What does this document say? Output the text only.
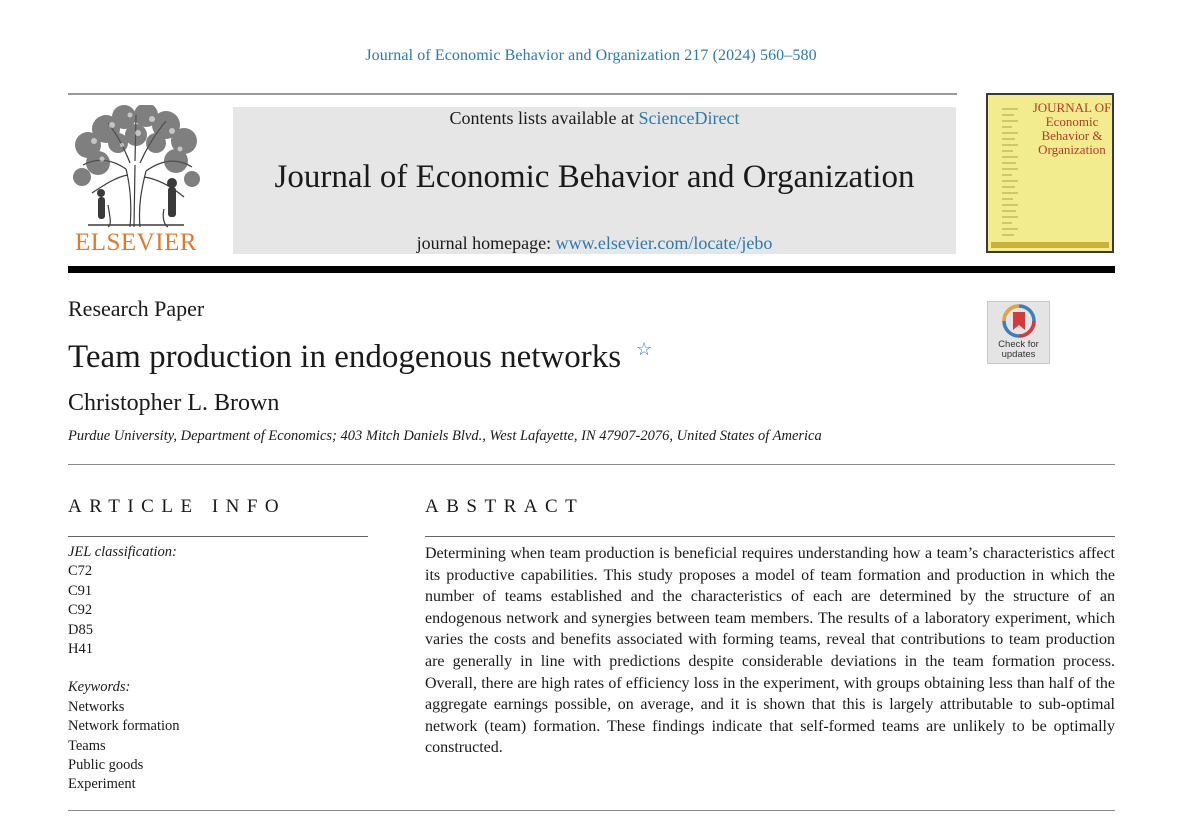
Journal of Economic Behavior and Organization 217 (2024) 560–580
ELSEVIER
Contents lists available at ScienceDirect
Journal of Economic Behavior and Organization
journal homepage: www.elsevier.com/locate/jebo
JOURNAL OF
Economic
Behavior &
Organization
Research Paper
Check for
updates
Team production in endogenous networks ☆
Christopher L. Brown
Purdue University, Department of Economics; 403 Mitch Daniels Blvd., West Lafayette, IN 47907-2076, United States of America
ARTICLE INFO	ABSTRACT
JEL classification:
C72
C91
C92
D85
H41
Keywords:
Networks
Network formation
Teams
Public goods
Experiment
Determining when team production is beneficial requires understanding how a team’s characteristics affect its productive capabilities. This study proposes a model of team formation and production in which the number of teams established and the characteristics of each are determined by the structure of an endogenous network and synergies between team members. The results of a laboratory experiment, which varies the costs and benefits associated with forming teams, reveal that contributions to team production are generally in line with predictions despite considerable deviations in the team formation process. Overall, there are high rates of efficiency loss in the experiment, with groups obtaining less than half of the aggregate earnings possible, on average, and it is shown that this is largely attributable to sub-optimal network (team) formation. These findings indicate that self-formed teams are unlikely to be optimally constructed.
